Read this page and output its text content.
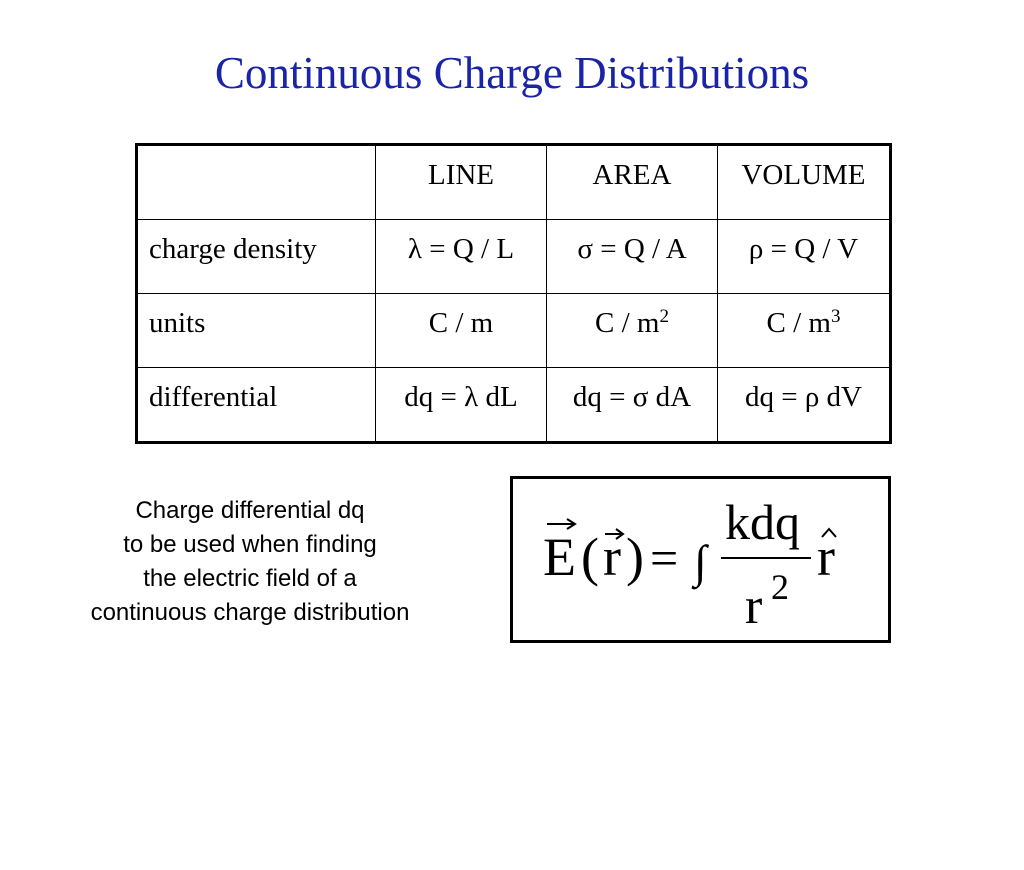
Continuous Charge Distributions
	LINE	AREA	VOLUME
charge density	λ = Q / L	σ = Q / A	ρ = Q / V
units	C / m	C / $m^2$	C / $m^3$
differential	dq = λ dL	dq = σ dA	dq = ρ dV
Charge differential dq
to be used when finding
the electric field of a
continuous charge distribution
E ( r ) = ∫
kdq
r 2 r
